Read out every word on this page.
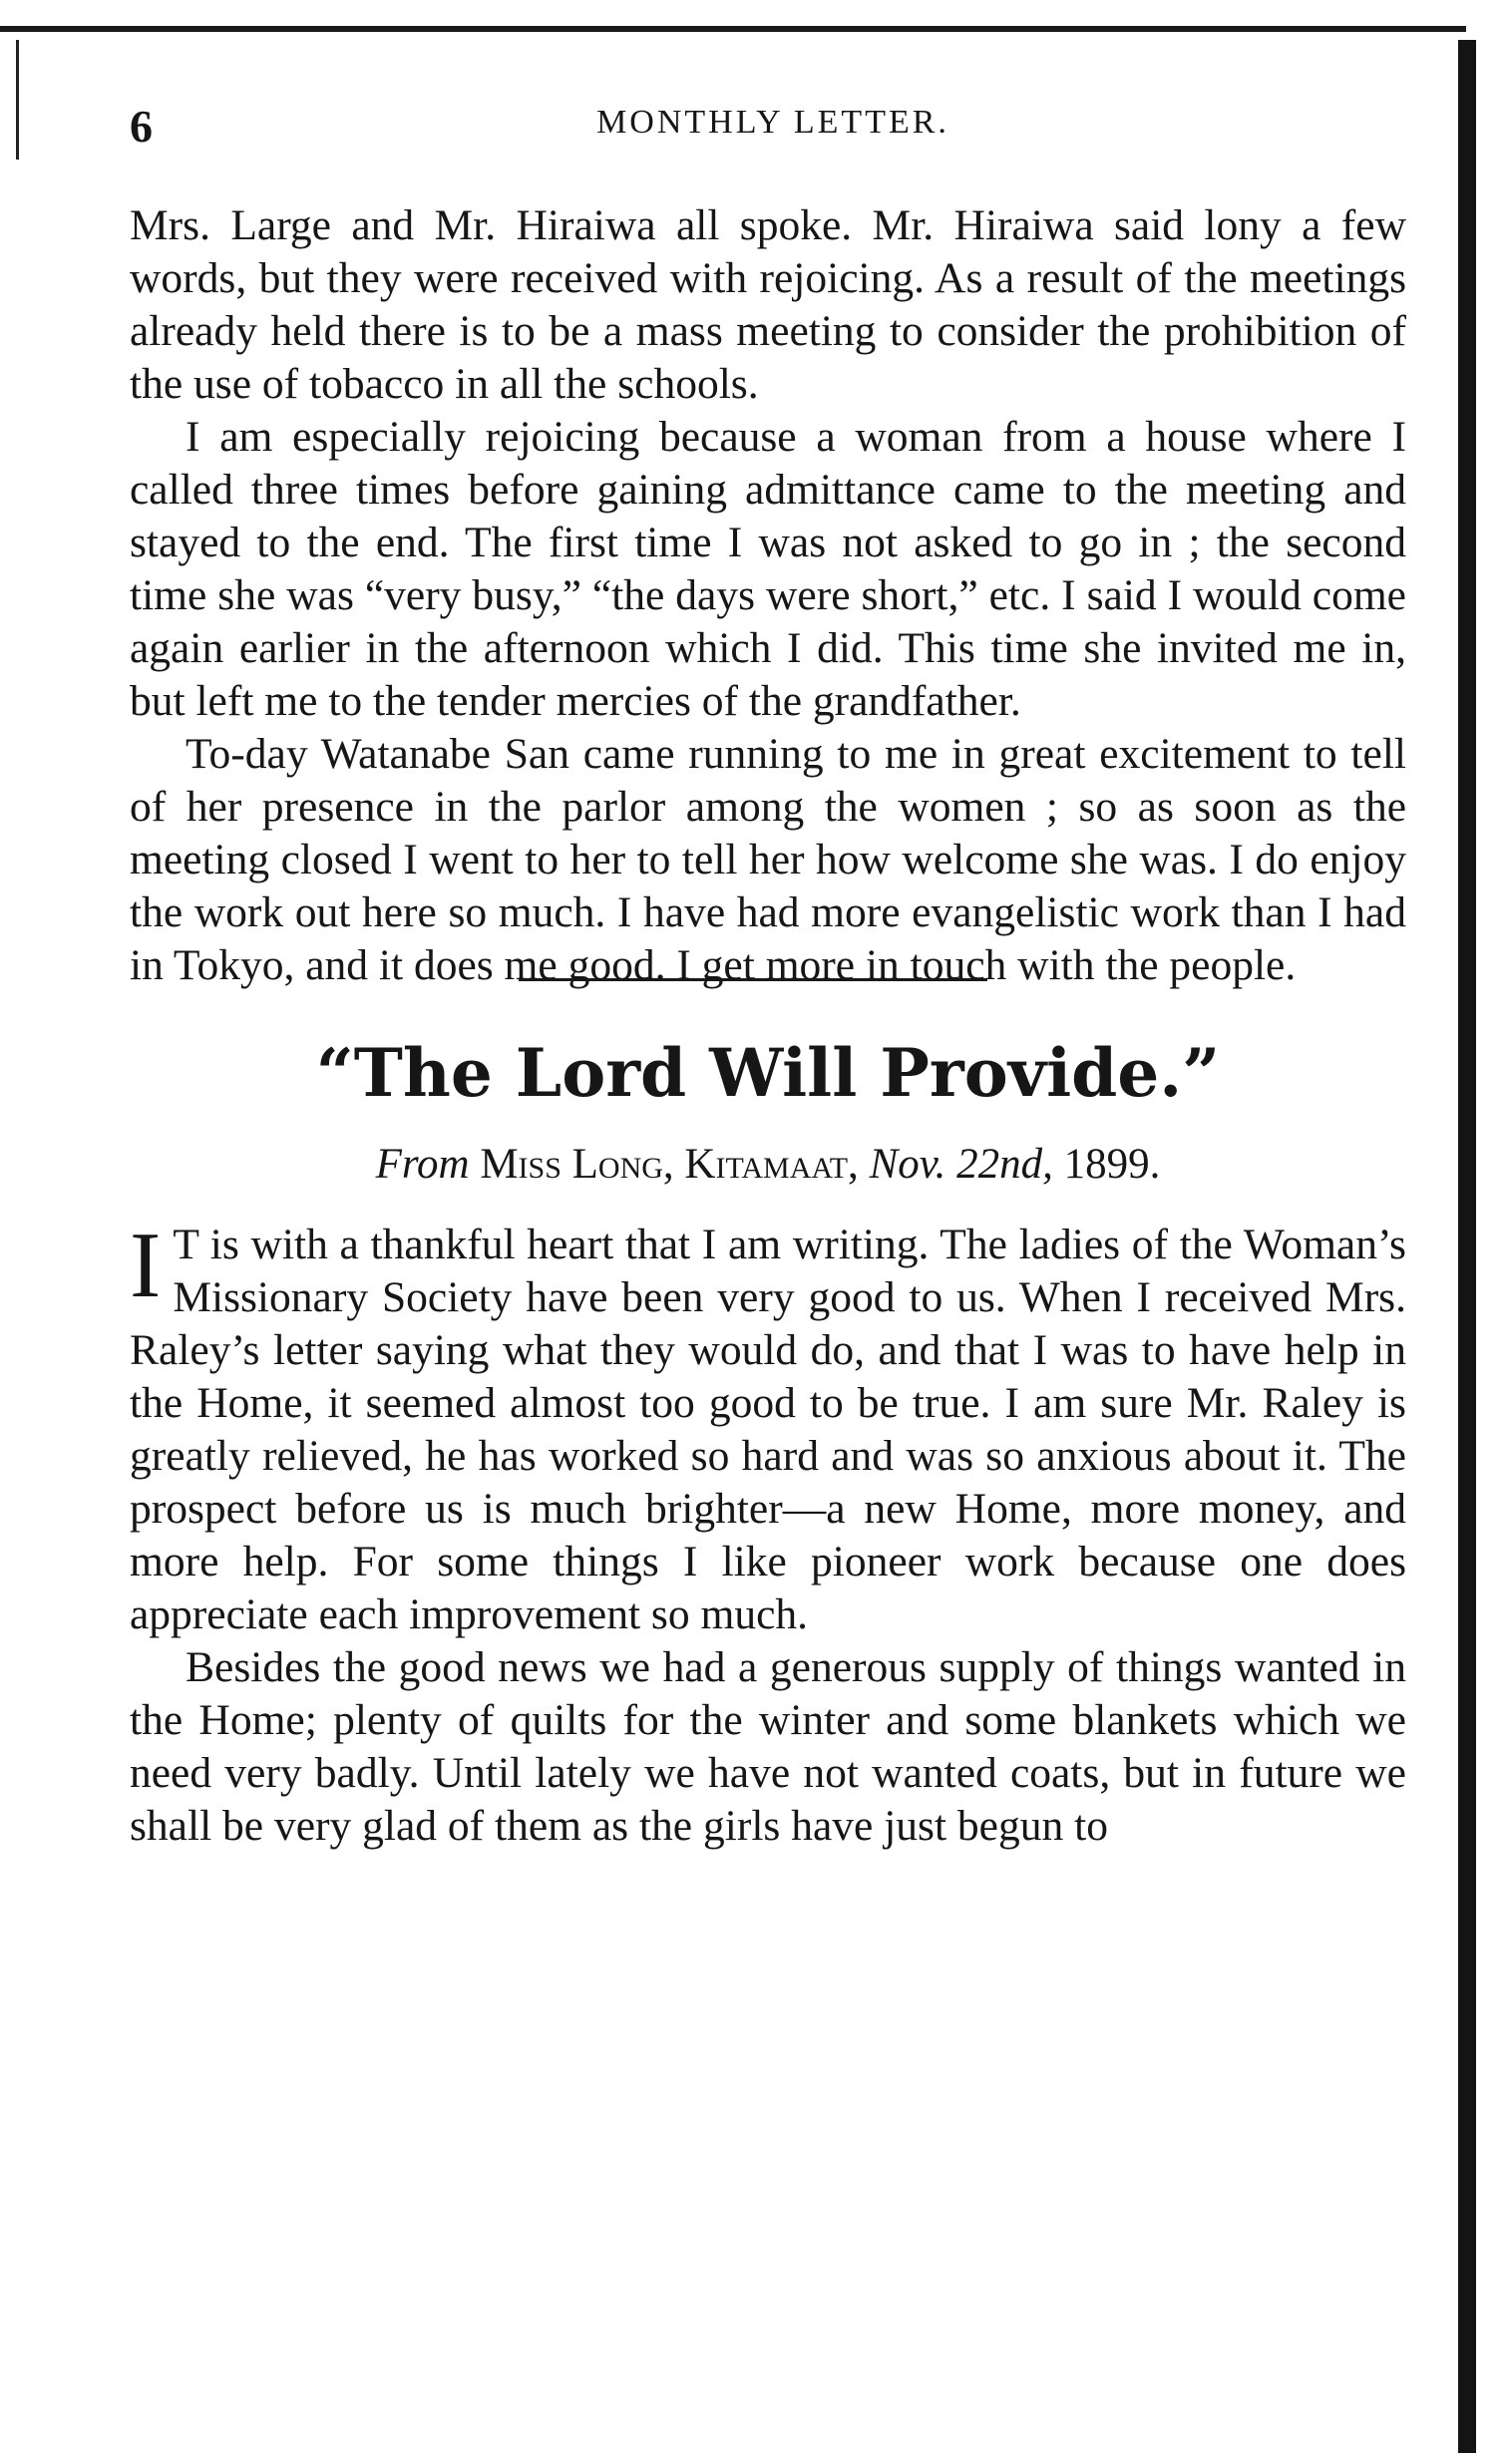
6	MONTHLY LETTER.

Mrs. Large and Mr. Hiraiwa all spoke. Mr. Hiraiwa said lony a few words, but they were received with rejoicing. As a result of the meetings already held there is to be a mass meeting to consider the prohibition of the use of tobacco in all the schools.

I am especially rejoicing because a woman from a house where I called three times before gaining admittance came to the meeting and stayed to the end. The first time I was not asked to go in ; the second time she was “very busy,” “the days were short,” etc. I said I would come again earlier in the afternoon which I did. This time she invited me in, but left me to the tender mercies of the grandfather.

To-day Watanabe San came running to me in great excitement to tell of her presence in the parlor among the women ; so as soon as the meeting closed I went to her to tell her how welcome she was. I do enjoy the work out here so much. I have had more evangelistic work than I had in Tokyo, and it does me good. I get more in touch with the people.

“The Lord Will Provide.”
From Miss Long, Kitamaat, Nov. 22nd, 1899.

I T is with a thankful heart that I am writing. The ladies of the Woman’s Missionary Society have been very good to us. When I received Mrs. Raley’s letter saying what they would do, and that I was to have help in the Home, it seemed almost too good to be true. I am sure Mr. Raley is greatly relieved, he has worked so hard and was so anxious about it. The prospect before us is much brighter—a new Home, more money, and more help. For some things I like pioneer work because one does appreciate each improvement so much.

Besides the good news we had a generous supply of things wanted in the Home; plenty of quilts for the winter and some blankets which we need very badly. Until lately we have not wanted coats, but in future we shall be very glad of them as the girls have just begun to
